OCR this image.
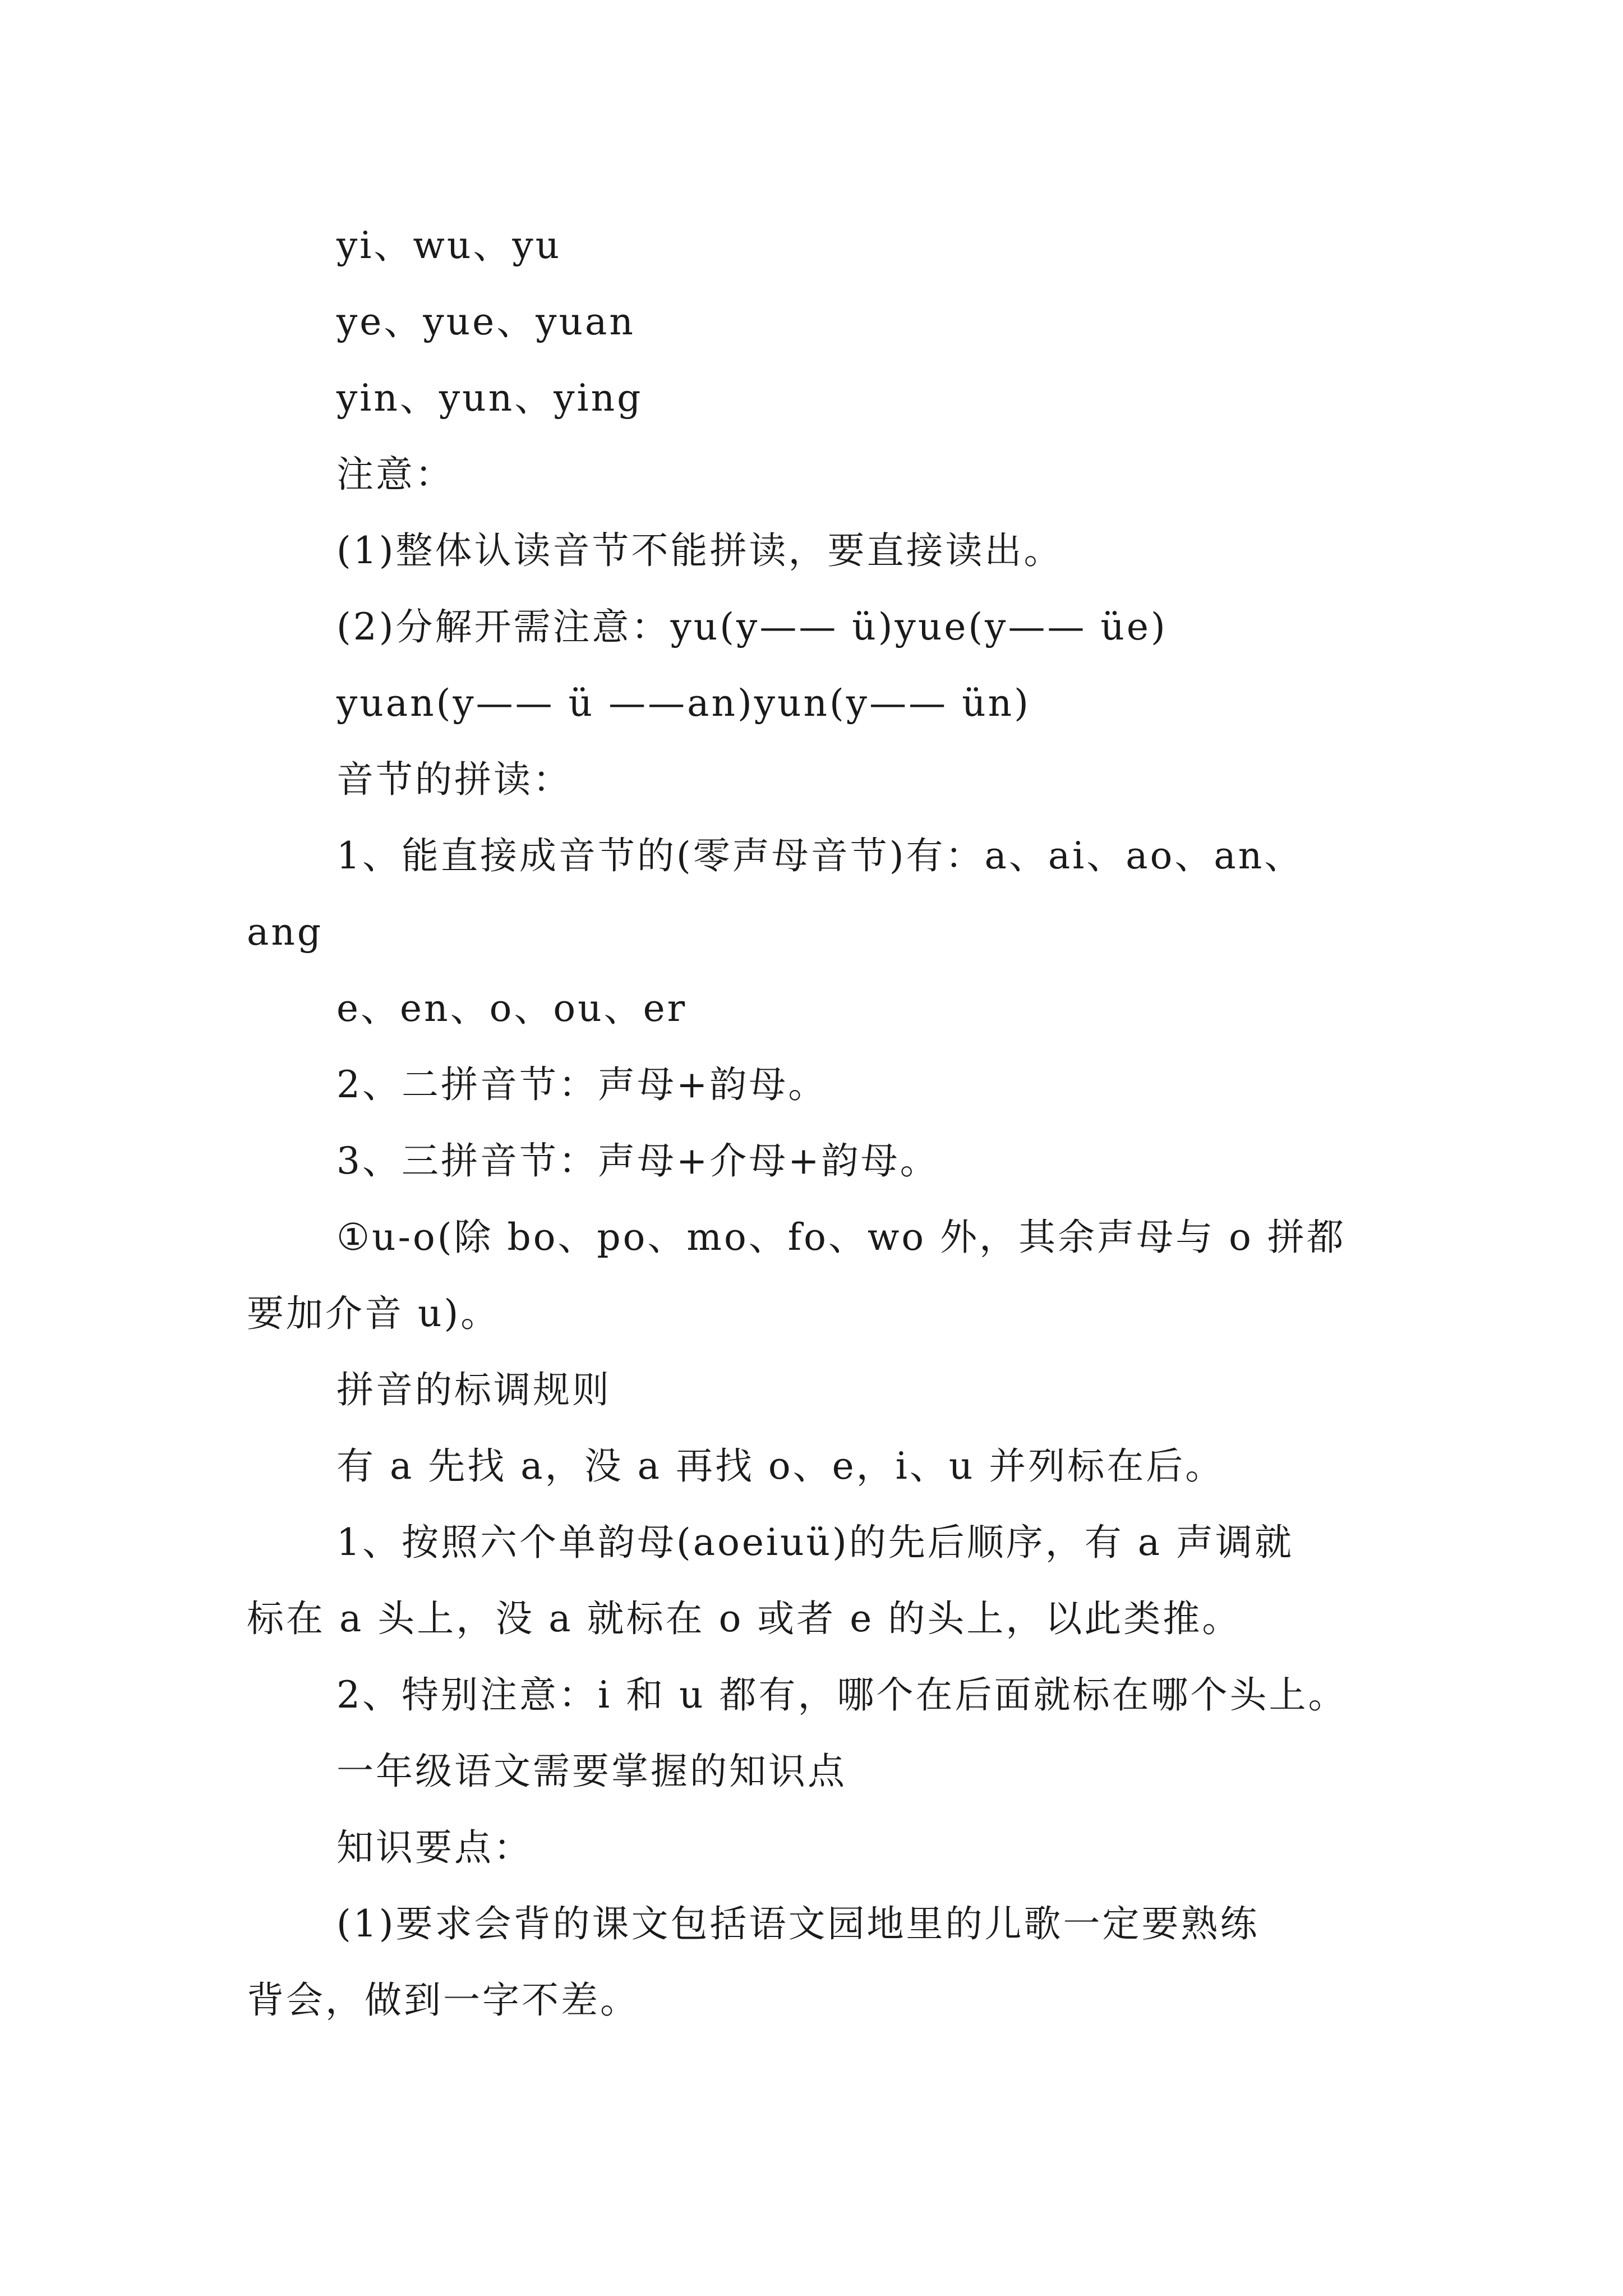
yi、wu、yu

ye、yue、yuan

yin、yun、ying

注意：

(1)整体认读音节不能拼读，要直接读出。

(2)分解开需注意：yu(y—— ü)yue(y—— üe)

yuan(y—— ü ——an)yun(y—— ün)

音节的拼读：

1、能直接成音节的(零声母音节)有：a、ai、ao、an、

ang

e、en、o、ou、er

2、二拼音节：声母+韵母。

3、三拼音节：声母+介母+韵母。

①u-o(除 bo、po、mo、fo、wo 外，其余声母与 o 拼都

要加介音 u)。

拼音的标调规则

有 a 先找 a，没 a 再找 o、e，i、u 并列标在后。

1、按照六个单韵母(aoeiuü)的先后顺序，有 a 声调就

标在 a 头上，没 a 就标在 o 或者 e 的头上，以此类推。

2、特别注意：i 和 u 都有，哪个在后面就标在哪个头上。

一年级语文需要掌握的知识点

知识要点：

(1)要求会背的课文包括语文园地里的儿歌一定要熟练

背会，做到一字不差。
